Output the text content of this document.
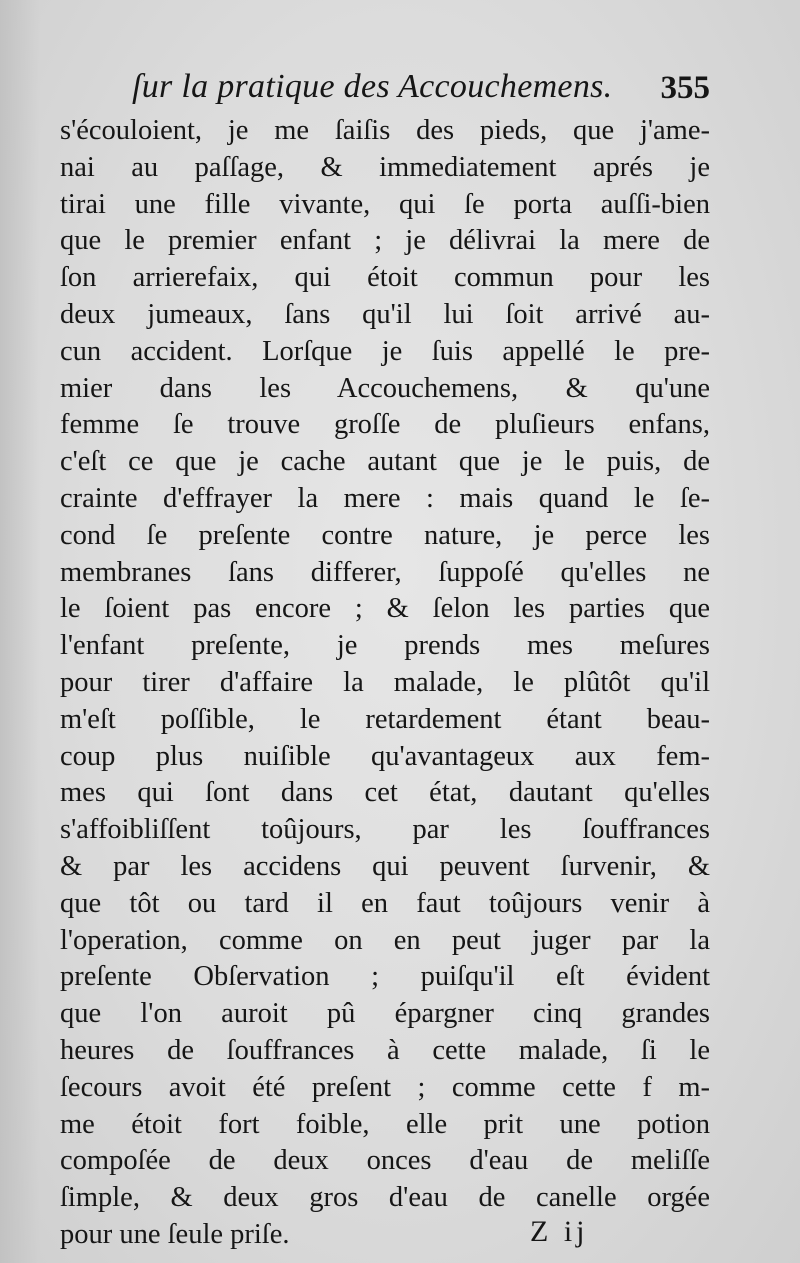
ſur la pratique des Accouchemens. 355
s'écouloient, je me ſaiſis des pieds, que j'ame-
nai au paſſage, & immediatement aprés je
tirai une fille vivante, qui ſe porta auſſi-bien
que le premier enfant ; je délivrai la mere de
ſon arrierefaix, qui étoit commun pour les
deux jumeaux, ſans qu'il lui ſoit arrivé au-
cun accident. Lorſque je ſuis appellé le pre-
mier dans les Accouchemens, & qu'une
femme ſe trouve groſſe de pluſieurs enfans,
c'eſt ce que je cache autant que je le puis, de
crainte d'effrayer la mere : mais quand le ſe-
cond ſe preſente contre nature, je perce les
membranes ſans differer, ſuppoſé qu'elles ne
le ſoient pas encore ; & ſelon les parties que
l'enfant preſente, je prends mes meſures
pour tirer d'affaire la malade, le plûtôt qu'il
m'eſt poſſible, le retardement étant beau-
coup plus nuiſible qu'avantageux aux fem-
mes qui ſont dans cet état, dautant qu'elles
s'affoibliſſent toûjours, par les ſouffrances
& par les accidens qui peuvent ſurvenir, &
que tôt ou tard il en faut toûjours venir à
l'operation, comme on en peut juger par la
preſente Obſervation ; puiſqu'il eſt évident
que l'on auroit pû épargner cinq grandes
heures de ſouffrances à cette malade, ſi le
ſecours avoit été preſent ; comme cette f m-
me étoit fort foible, elle prit une potion
compoſée de deux onces d'eau de meliſſe
ſimple, & deux gros d'eau de canelle orgée
pour une ſeule priſe.	Z ij
